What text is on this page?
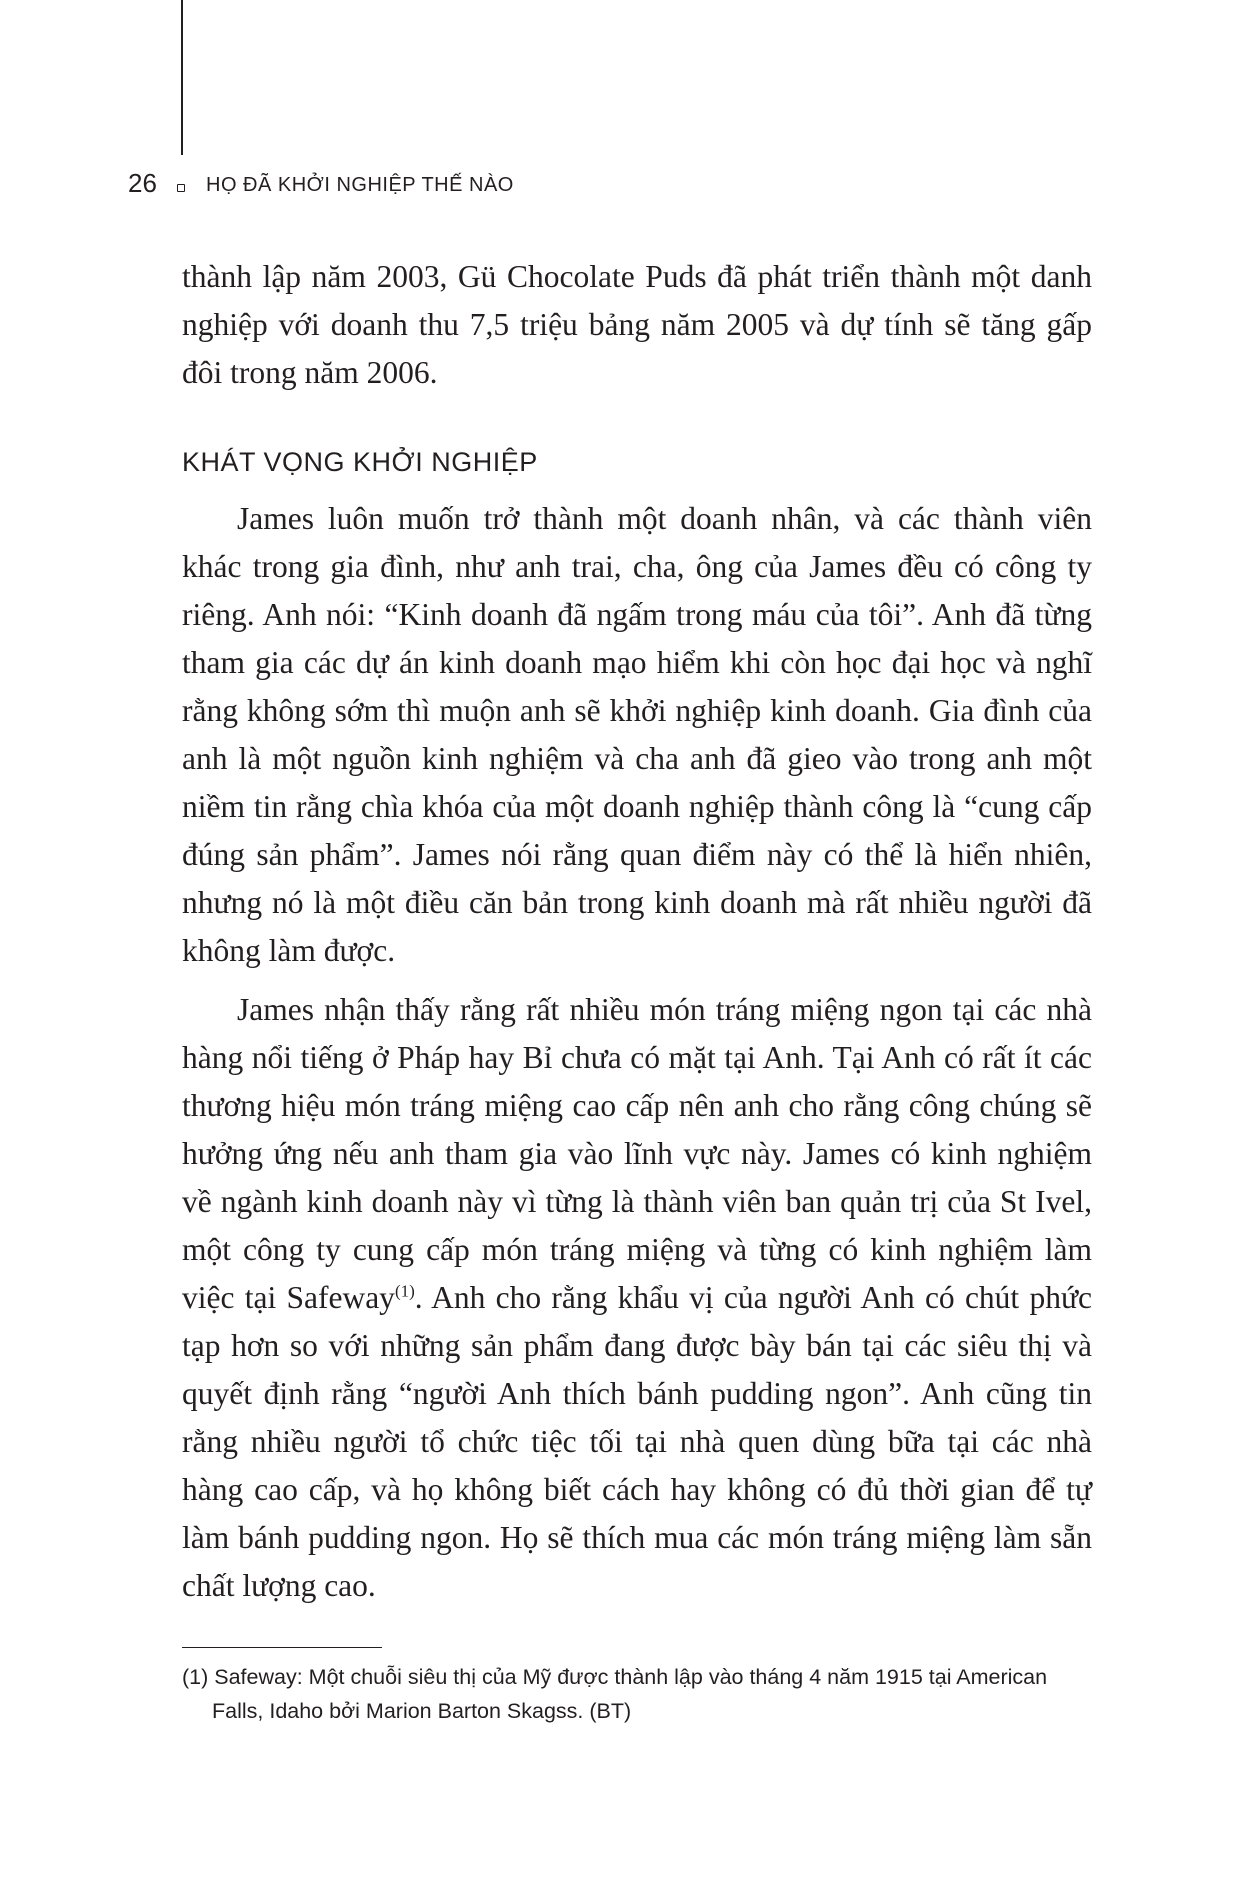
26 HỌ ĐÃ KHỞI NGHIỆP THẾ NÀO

thành lập năm 2003, Gü Chocolate Puds đã phát triển thành một danh nghiệp với doanh thu 7,5 triệu bảng năm 2005 và dự tính sẽ tăng gấp đôi trong năm 2006.

KHÁT VỌNG KHỞI NGHIỆP

James luôn muốn trở thành một doanh nhân, và các thành viên khác trong gia đình, như anh trai, cha, ông của James đều có công ty riêng. Anh nói: “Kinh doanh đã ngấm trong máu của tôi”. Anh đã từng tham gia các dự án kinh doanh mạo hiểm khi còn học đại học và nghĩ rằng không sớm thì muộn anh sẽ khởi nghiệp kinh doanh. Gia đình của anh là một nguồn kinh nghiệm và cha anh đã gieo vào trong anh một niềm tin rằng chìa khóa của một doanh nghiệp thành công là “cung cấp đúng sản phẩm”. James nói rằng quan điểm này có thể là hiển nhiên, nhưng nó là một điều căn bản trong kinh doanh mà rất nhiều người đã không làm được.

James nhận thấy rằng rất nhiều món tráng miệng ngon tại các nhà hàng nổi tiếng ở Pháp hay Bỉ chưa có mặt tại Anh. Tại Anh có rất ít các thương hiệu món tráng miệng cao cấp nên anh cho rằng công chúng sẽ hưởng ứng nếu anh tham gia vào lĩnh vực này. James có kinh nghiệm về ngành kinh doanh này vì từng là thành viên ban quản trị của St Ivel, một công ty cung cấp món tráng miệng và từng có kinh nghiệm làm việc tại Safeway$^{(1)}$. Anh cho rằng khẩu vị của người Anh có chút phức tạp hơn so với những sản phẩm đang được bày bán tại các siêu thị và quyết định rằng “người Anh thích bánh pudding ngon”. Anh cũng tin rằng nhiều người tổ chức tiệc tối tại nhà quen dùng bữa tại các nhà hàng cao cấp, và họ không biết cách hay không có đủ thời gian để tự làm bánh pudding ngon. Họ sẽ thích mua các món tráng miệng làm sẵn chất lượng cao.

(1) Safeway: Một chuỗi siêu thị của Mỹ được thành lập vào tháng 4 năm 1915 tại American Falls, Idaho bởi Marion Barton Skagss. (BT)
